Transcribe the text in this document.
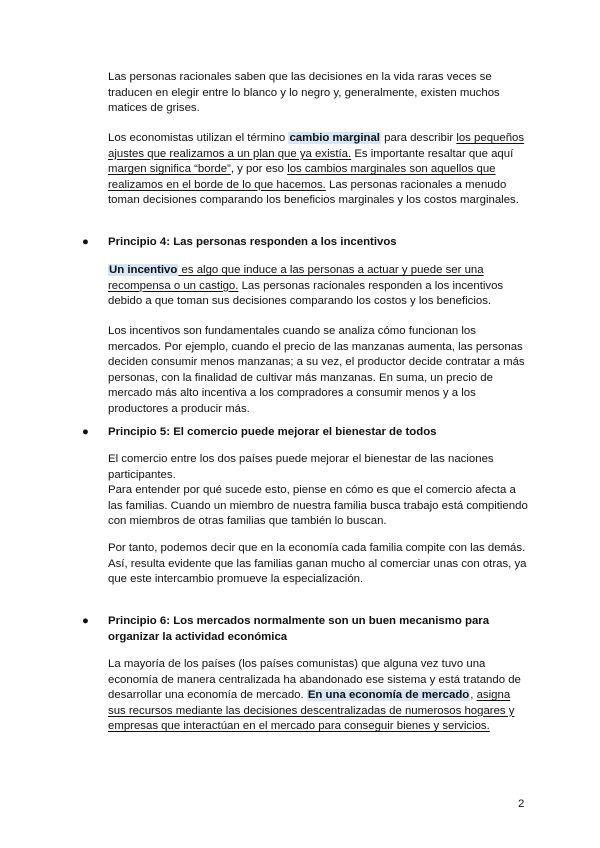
Las personas racionales saben que las decisiones en la vida raras veces se traducen en elegir entre lo blanco y lo negro y, generalmente, existen muchos matices de grises.

Los economistas utilizan el término cambio marginal para describir los pequeños ajustes que realizamos a un plan que ya existía. Es importante resaltar que aquí margen significa “borde”, y por eso los cambios marginales son aquellos que realizamos en el borde de lo que hacemos. Las personas racionales a menudo toman decisiones comparando los beneficios marginales y los costos marginales.

●	Principio 4: Las personas responden a los incentivos

Un incentivo es algo que induce a las personas a actuar y puede ser una recompensa o un castigo. Las personas racionales responden a los incentivos debido a que toman sus decisiones comparando los costos y los beneficios.

Los incentivos son fundamentales cuando se analiza cómo funcionan los mercados. Por ejemplo, cuando el precio de las manzanas aumenta, las personas deciden consumir menos manzanas; a su vez, el productor decide contratar a más personas, con la finalidad de cultivar más manzanas. En suma, un precio de mercado más alto incentiva a los compradores a consumir menos y a los productores a producir más.

●	Principio 5: El comercio puede mejorar el bienestar de todos

El comercio entre los dos países puede mejorar el bienestar de las naciones participantes.

Para entender por qué sucede esto, piense en cómo es que el comercio afecta a las familias. Cuando un miembro de nuestra familia busca trabajo está compitiendo con miembros de otras familias que también lo buscan.

Por tanto, podemos decir que en la economía cada familia compite con las demás. Así, resulta evidente que las familias ganan mucho al comerciar unas con otras, ya que este intercambio promueve la especialización.

●	Principio 6: Los mercados normalmente son un buen mecanismo para organizar la actividad económica

La mayoría de los países (los países comunistas) que alguna vez tuvo una economía de manera centralizada ha abandonado ese sistema y está tratando de desarrollar una economía de mercado. En una economía de mercado, asigna sus recursos mediante las decisiones descentralizadas de numerosos hogares y empresas que interactúan en el mercado para conseguir bienes y servicios.

2
